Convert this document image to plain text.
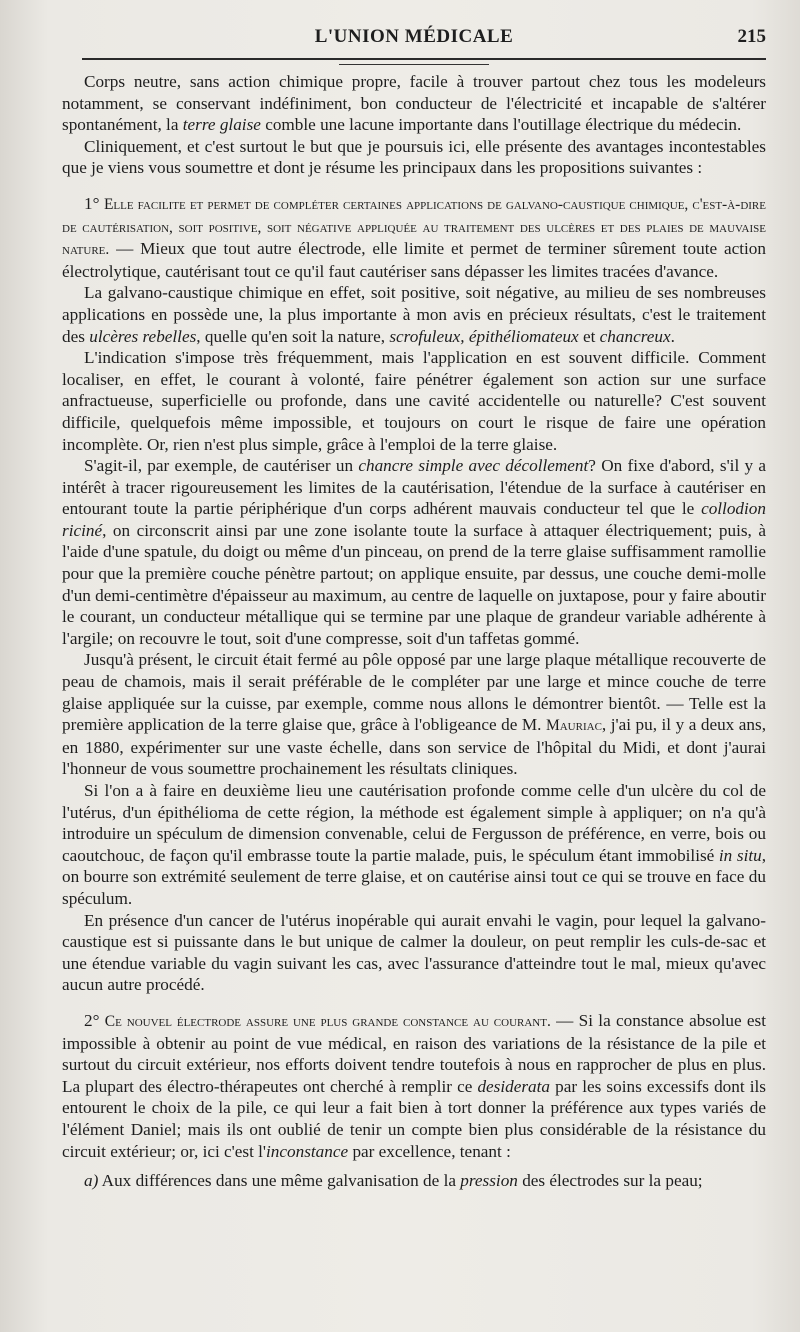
L'UNION MÉDICALE	215

Corps neutre, sans action chimique propre, facile à trouver partout chez tous les modeleurs notamment, se conservant indéfiniment, bon conducteur de l'électricité et incapable de s'altérer spontanément, la terre glaise comble une lacune importante dans l'outillage électrique du médecin.

Cliniquement, et c'est surtout le but que je poursuis ici, elle présente des avantages incontestables que je viens vous soumettre et dont je résume les principaux dans les propositions suivantes :

1° Elle facilite et permet de compléter certaines applications de galvano-caustique chimique, c'est-à-dire de cautérisation, soit positive, soit négative appliquée au traitement des ulcères et des plaies de mauvaise nature. — Mieux que tout autre électrode, elle limite et permet de terminer sûrement toute action électrolytique, cautérisant tout ce qu'il faut cautériser sans dépasser les limites tracées d'avance.

La galvano-caustique chimique en effet, soit positive, soit négative, au milieu de ses nombreuses applications en possède une, la plus importante à mon avis en précieux résultats, c'est le traitement des ulcères rebelles, quelle qu'en soit la nature, scrofuleux, épithéliomateux et chancreux.

L'indication s'impose très fréquemment, mais l'application en est souvent difficile. Comment localiser, en effet, le courant à volonté, faire pénétrer également son action sur une surface anfractueuse, superficielle ou profonde, dans une cavité accidentelle ou naturelle? C'est souvent difficile, quelquefois même impossible, et toujours on court le risque de faire une opération incomplète. Or, rien n'est plus simple, grâce à l'emploi de la terre glaise.

S'agit-il, par exemple, de cautériser un chancre simple avec décollement? On fixe d'abord, s'il y a intérêt à tracer rigoureusement les limites de la cautérisation, l'étendue de la surface à cautériser en entourant toute la partie périphérique d'un corps adhérent mauvais conducteur tel que le collodion riciné, on circonscrit ainsi par une zone isolante toute la surface à attaquer électriquement; puis, à l'aide d'une spatule, du doigt ou même d'un pinceau, on prend de la terre glaise suffisamment ramollie pour que la première couche pénètre partout; on applique ensuite, par dessus, une couche demi-molle d'un demi-centimètre d'épaisseur au maximum, au centre de laquelle on juxtapose, pour y faire aboutir le courant, un conducteur métallique qui se termine par une plaque de grandeur variable adhérente à l'argile; on recouvre le tout, soit d'une compresse, soit d'un taffetas gommé.

Jusqu'à présent, le circuit était fermé au pôle opposé par une large plaque métallique recouverte de peau de chamois, mais il serait préférable de le compléter par une large et mince couche de terre glaise appliquée sur la cuisse, par exemple, comme nous allons le démontrer bientôt. — Telle est la première application de la terre glaise que, grâce à l'obligeance de M. Mauriac, j'ai pu, il y a deux ans, en 1880, expérimenter sur une vaste échelle, dans son service de l'hôpital du Midi, et dont j'aurai l'honneur de vous soumettre prochainement les résultats cliniques.

Si l'on a à faire en deuxième lieu une cautérisation profonde comme celle d'un ulcère du col de l'utérus, d'un épithélioma de cette région, la méthode est également simple à appliquer; on n'a qu'à introduire un spéculum de dimension convenable, celui de Fergusson de préférence, en verre, bois ou caoutchouc, de façon qu'il embrasse toute la partie malade, puis, le spéculum étant immobilisé in situ, on bourre son extrémité seulement de terre glaise, et on cautérise ainsi tout ce qui se trouve en face du spéculum.

En présence d'un cancer de l'utérus inopérable qui aurait envahi le vagin, pour lequel la galvano-caustique est si puissante dans le but unique de calmer la douleur, on peut remplir les culs-de-sac et une étendue variable du vagin suivant les cas, avec l'assurance d'atteindre tout le mal, mieux qu'avec aucun autre procédé.

2° Ce nouvel électrode assure une plus grande constance au courant. — Si la constance absolue est impossible à obtenir au point de vue médical, en raison des variations de la résistance de la pile et surtout du circuit extérieur, nos efforts doivent tendre toutefois à nous en rapprocher de plus en plus. La plupart des électro-thérapeutes ont cherché à remplir ce desiderata par les soins excessifs dont ils entourent le choix de la pile, ce qui leur a fait bien à tort donner la préférence aux types variés de l'élément Daniel; mais ils ont oublié de tenir un compte bien plus considérable de la résistance du circuit extérieur; or, ici c'est l'inconstance par excellence, tenant :

a) Aux différences dans une même galvanisation de la pression des électrodes sur la peau;
